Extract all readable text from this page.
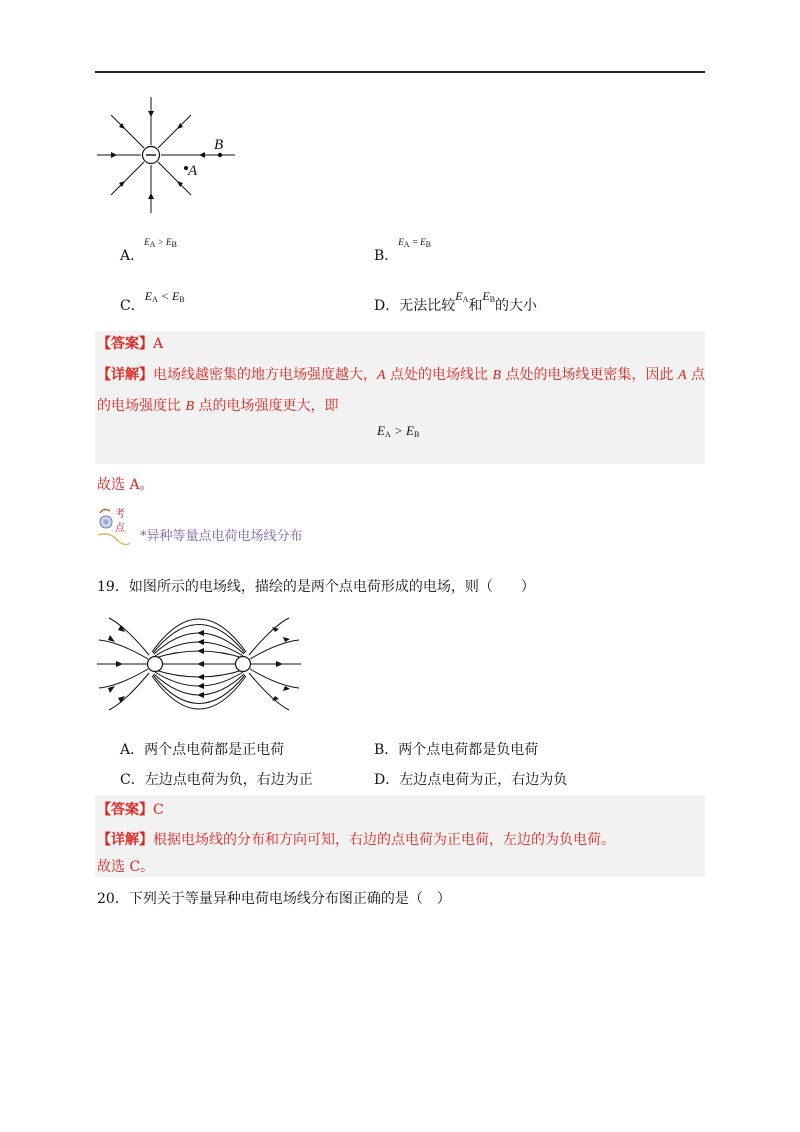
B
A
A．EA > EB
B．EA = EB
C．$E_A < E_B$	D．无法比较$E_A$和$E_B$的大小
【答案】A
【详解】电场线越密集的地方电场强度越大，A 点处的电场线比 B 点处的电场线更密集，因此 A 点
的电场强度比 B 点的电场强度更大，即
$E_A > E_B$
故选 A。
考点
*异种等量点电荷电场线分布
19．如图所示的电场线，描绘的是两个点电荷形成的电场，则（　　）
A．两个点电荷都是正电荷	B．两个点电荷都是负电荷
C．左边点电荷为负，右边为正	D．左边点电荷为正，右边为负
【答案】C
【详解】根据电场线的分布和方向可知，右边的点电荷为正电荷，左边的为负电荷。
故选 C。
20．下列关于等量异种电荷电场线分布图正确的是（　）
